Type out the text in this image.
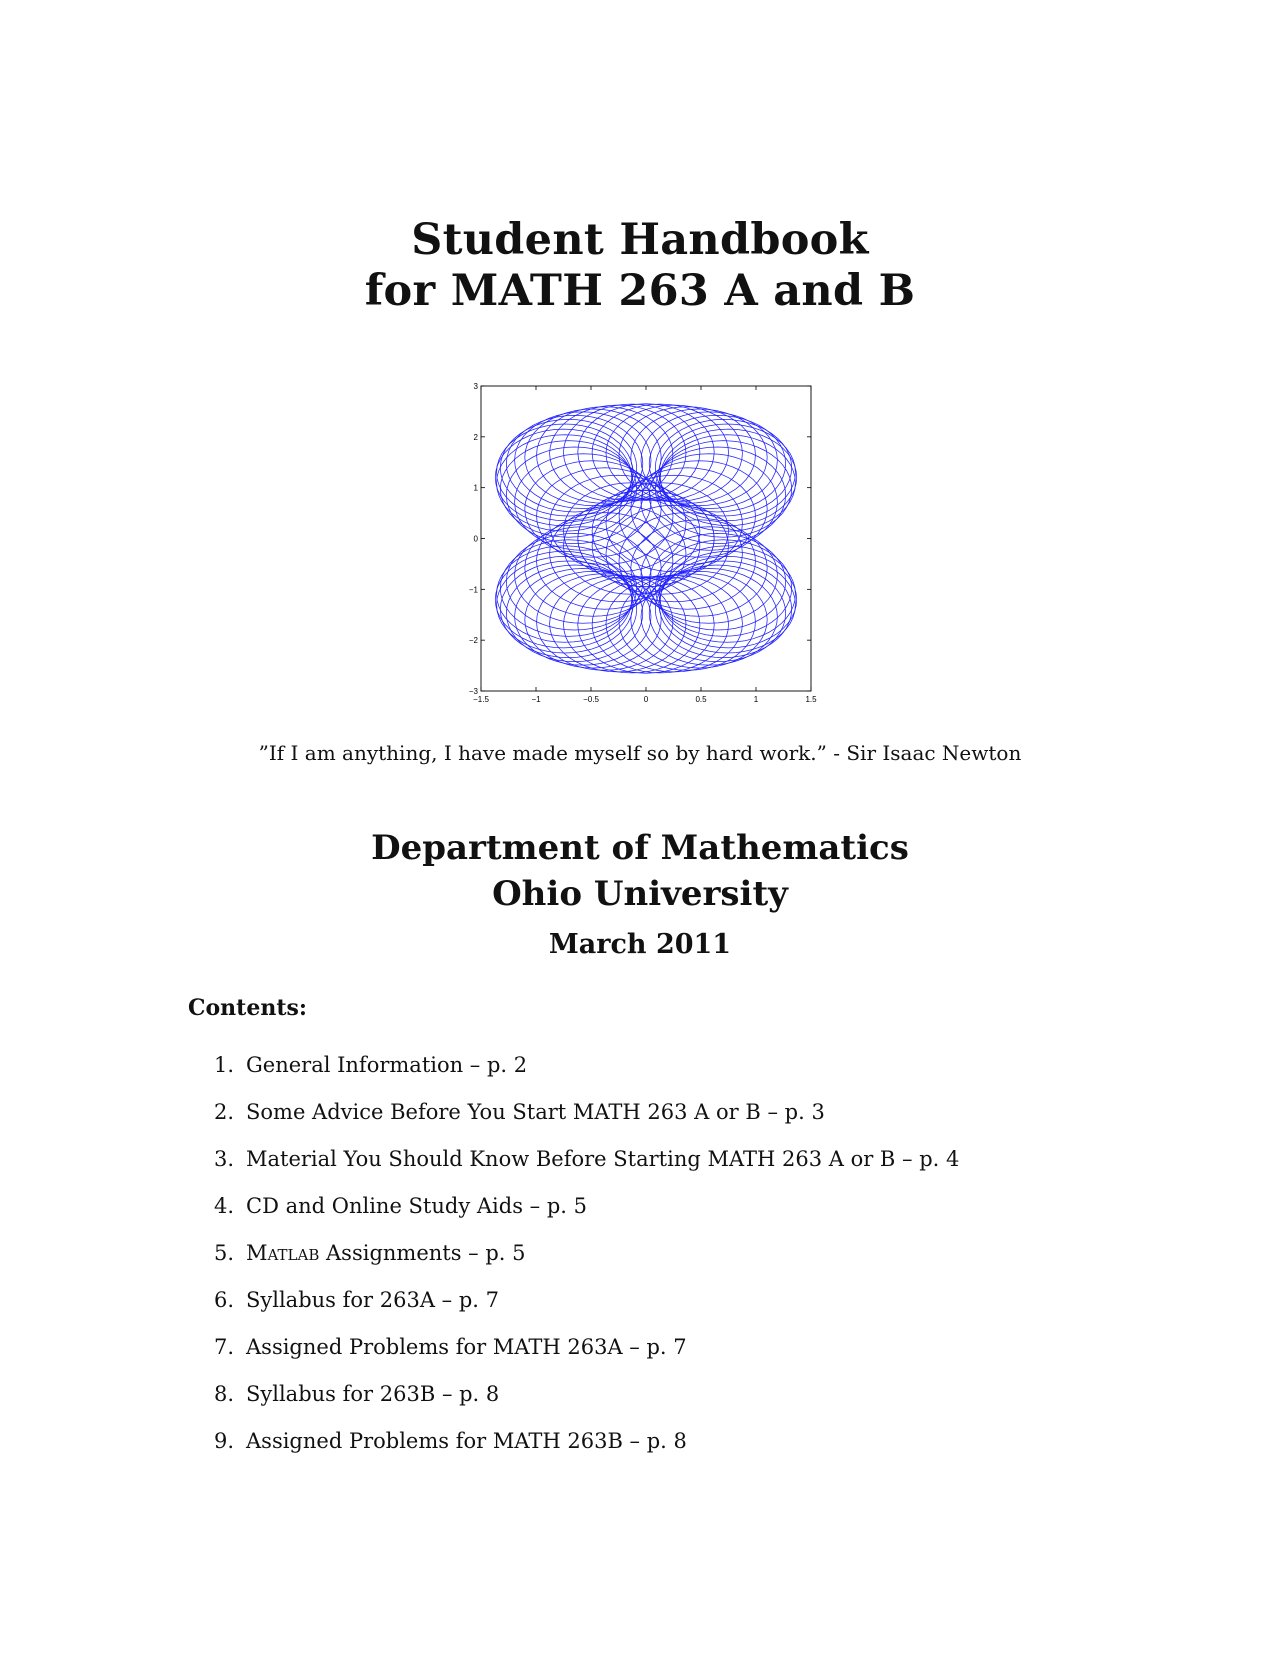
Student Handbook
for MATH 263 A and B
−1.5	−1	−0.5	0	0.5	1	1.5
−3
−2
−1
0
1
2
3
”If I am anything, I have made myself so by hard work.” - Sir Isaac Newton
Department of Mathematics
Ohio University
March 2011
Contents:
1. General Information – p. 2
2. Some Advice Before You Start MATH 263 A or B – p. 3
3. Material You Should Know Before Starting MATH 263 A or B – p. 4
4. CD and Online Study Aids – p. 5
5. Matlab Assignments – p. 5
6. Syllabus for 263A – p. 7
7. Assigned Problems for MATH 263A – p. 7
8. Syllabus for 263B – p. 8
9. Assigned Problems for MATH 263B – p. 8
